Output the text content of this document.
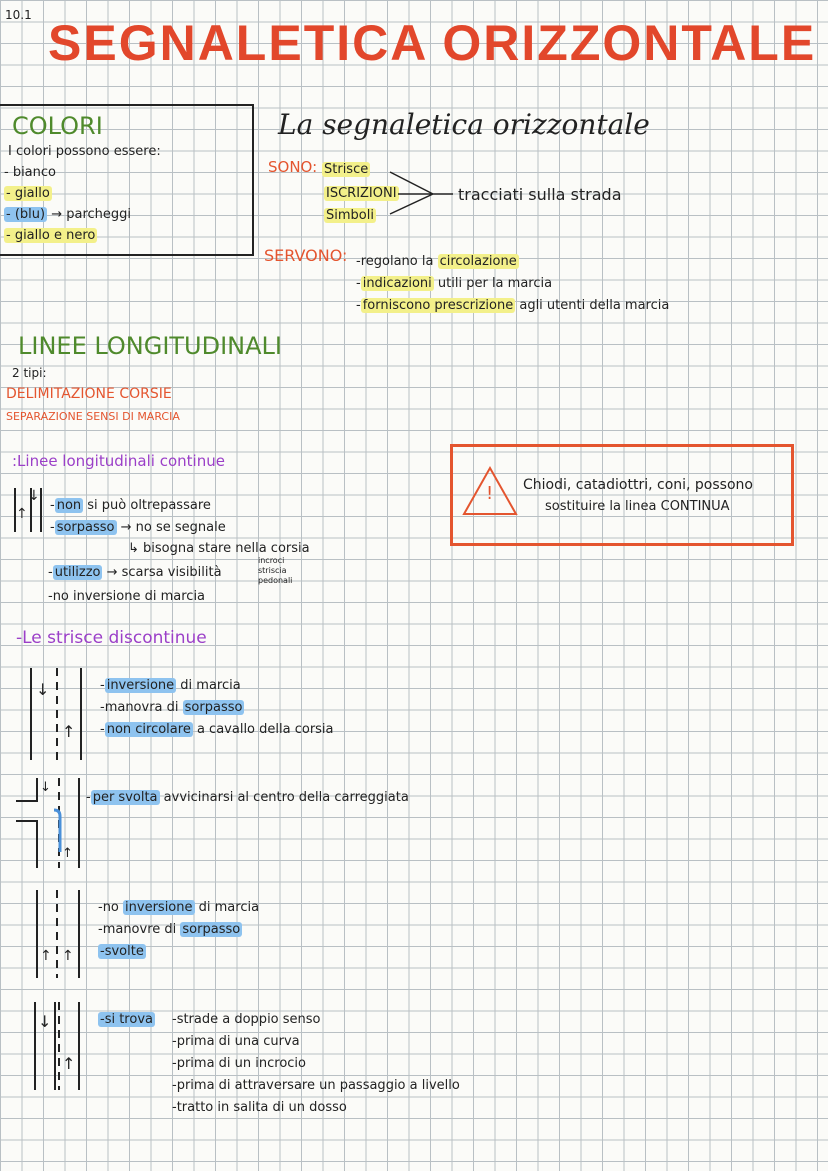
10.1 SEGNALETICA ORIZZONTALE
COLORI
I colori possono essere:
- bianco
- giallo
- (blu) → parcheggi
- giallo e nero
La segnaletica orizzontale
SONO: Strisce
ISCRIZIONI
Simboli
tracciati sulla strada
SERVONO: -regolano la circolazione
- indicazioni utili per la marcia
- forniscono prescrizione agli utenti della marcia
LINEE LONGITUDINALI
2 tipi:
DELIMITAZIONE CORSIE
SEPARAZIONE SENSI DI MARCIA
:Linee longitudinali continue
↑
↓
- non si può oltrepassare
- sorpasso → no se segnale
↳ bisogna stare nella corsia
- utilizzo → scarsa visibilità
incroci
striscia
pedonali
-no inversione di marcia
! Chiodi, catadiottri, coni, possono
sostituire la linea CONTINUA
-Le strisce discontinue
↓
↑
- inversione di marcia
-manovra di sorpasso
- non circolare a cavallo della corsia
↓
↑
- per svolta avvicinarsi al centro della carreggiata
↑ ↑
-no inversione di marcia
-manovre di sorpasso
-svolte
↓
↑
-si trova -strade a doppio senso
-prima di una curva
-prima di un incrocio
-prima di attraversare un passaggio a livello
-tratto in salita di un dosso
